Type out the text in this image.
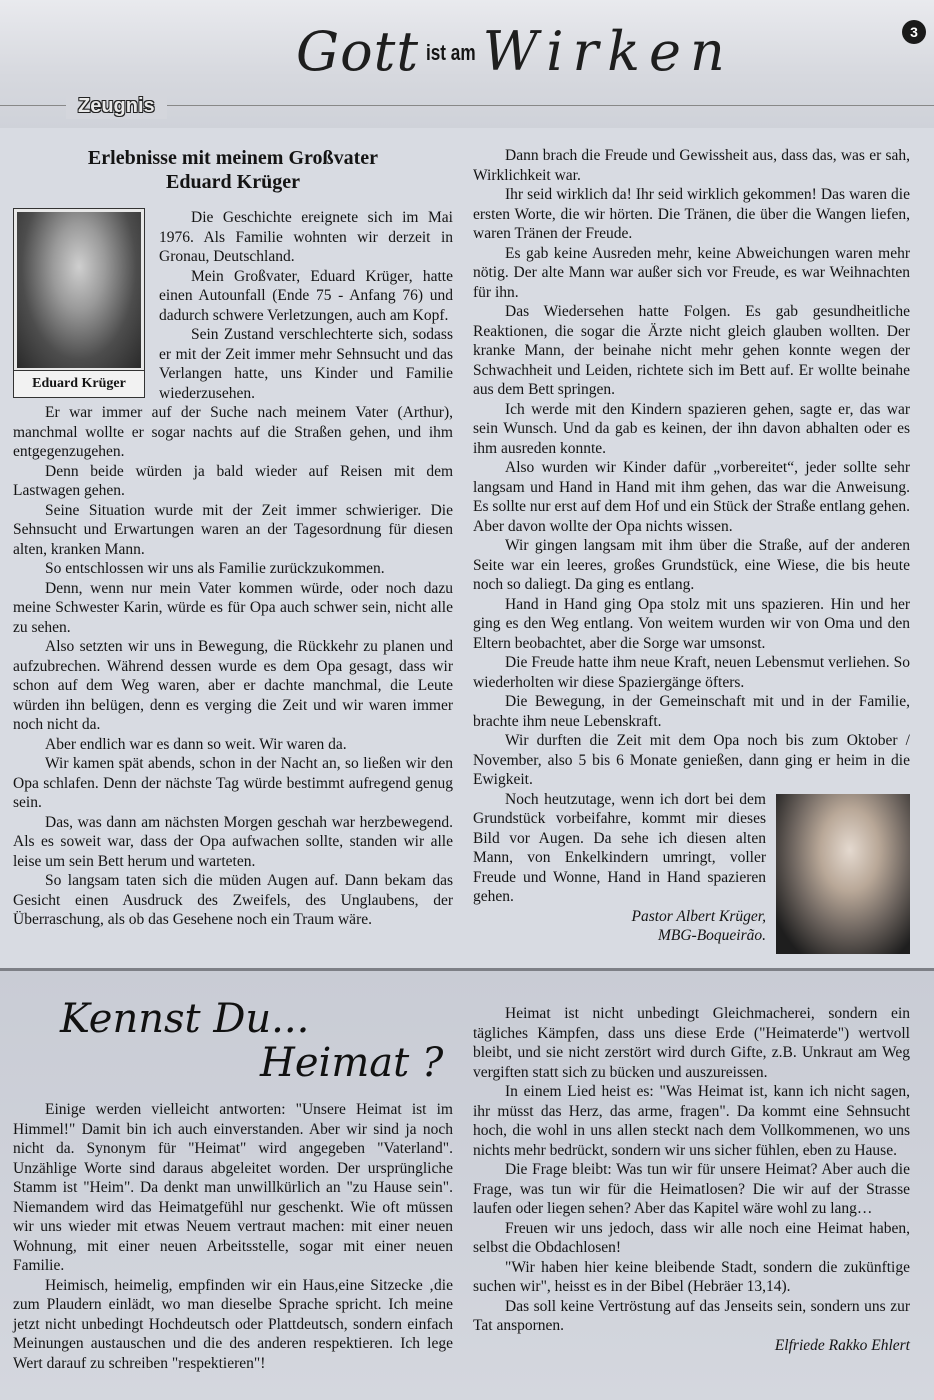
Zeugnis
Gott ist am Wirken	3
Erlebnisse mit meinem Großvater
Eduard Krüger
Eduard Krüger

Die Geschichte ereignete sich im Mai 1976. Als Familie wohnten wir derzeit in Gronau, Deutschland.

Mein Großvater, Eduard Krüger, hatte einen Autounfall (Ende 75 - Anfang 76) und dadurch schwere Verletzungen, auch am Kopf.

Sein Zustand verschlechterte sich, sodass er mit der Zeit immer mehr Sehnsucht und das Verlangen hatte, uns Kinder und Familie wiederzusehen.

Er war immer auf der Suche nach meinem Vater (Arthur), manchmal wollte er sogar nachts auf die Straßen gehen, und ihm entgegenzugehen.

Denn beide würden ja bald wieder auf Reisen mit dem Lastwagen gehen.

Seine Situation wurde mit der Zeit immer schwieriger. Die Sehnsucht und Erwartungen waren an der Tagesordnung für diesen alten, kranken Mann.

So entschlossen wir uns als Familie zurückzukommen.

Denn, wenn nur mein Vater kommen würde, oder noch dazu meine Schwester Karin, würde es für Opa auch schwer sein, nicht alle zu sehen.

Also setzten wir uns in Bewegung, die Rückkehr zu planen und aufzubrechen. Während dessen wurde es dem Opa gesagt, dass wir schon auf dem Weg waren, aber er dachte manchmal, die Leute würden ihn belügen, denn es verging die Zeit und wir waren immer noch nicht da.

Aber endlich war es dann so weit. Wir waren da.

Wir kamen spät abends, schon in der Nacht an, so ließen wir den Opa schlafen. Denn der nächste Tag würde bestimmt aufregend genug sein.

Das, was dann am nächsten Morgen geschah war herzbewegend. Als es soweit war, dass der Opa aufwachen sollte, standen wir alle leise um sein Bett herum und warteten.

So langsam taten sich die müden Augen auf. Dann bekam das Gesicht einen Ausdruck des Zweifels, des Unglaubens, der Überraschung, als ob das Gesehene noch ein Traum wäre.

Dann brach die Freude und Gewissheit aus, dass das, was er sah, Wirklichkeit war.

Ihr seid wirklich da! Ihr seid wirklich gekommen! Das waren die ersten Worte, die wir hörten. Die Tränen, die über die Wangen liefen, waren Tränen der Freude.

Es gab keine Ausreden mehr, keine Abweichungen waren mehr nötig. Der alte Mann war außer sich vor Freude, es war Weihnachten für ihn.

Das Wiedersehen hatte Folgen. Es gab gesundheitliche Reaktionen, die sogar die Ärzte nicht gleich glauben wollten. Der kranke Mann, der beinahe nicht mehr gehen konnte wegen der Schwachheit und Leiden, richtete sich im Bett auf. Er wollte beinahe aus dem Bett springen.

Ich werde mit den Kindern spazieren gehen, sagte er, das war sein Wunsch. Und da gab es keinen, der ihn davon abhalten oder es ihm ausreden konnte.

Also wurden wir Kinder dafür „vorbereitet“, jeder sollte sehr langsam und Hand in Hand mit ihm gehen, das war die Anweisung. Es sollte nur erst auf dem Hof und ein Stück der Straße entlang gehen. Aber davon wollte der Opa nichts wissen.

Wir gingen langsam mit ihm über die Straße, auf der anderen Seite war ein leeres, großes Grundstück, eine Wiese, die bis heute noch so daliegt. Da ging es entlang.

Hand in Hand ging Opa stolz mit uns spazieren. Hin und her ging es den Weg entlang. Von weitem wurden wir von Oma und den Eltern beobachtet, aber die Sorge war umsonst.

Die Freude hatte ihm neue Kraft, neuen Lebensmut verliehen. So wiederholten wir diese Spaziergänge öfters.

Die Bewegung, in der Gemeinschaft mit und in der Familie, brachte ihm neue Lebenskraft.

Wir durften die Zeit mit dem Opa noch bis zum Oktober / November, also 5 bis 6 Monate genießen, dann ging er heim in die Ewigkeit.

Noch heutzutage, wenn ich dort bei dem Grundstück vorbeifahre, kommt mir dieses Bild vor Augen. Da sehe ich diesen alten Mann, von Enkelkindern umringt, voller Freude und Wonne, Hand in Hand spazieren gehen.

Pastor Albert Krüger,

MBG-Boqueirão.

Kennst Du...
Heimat ?

Einige werden vielleicht antworten: "Unsere Heimat ist im Himmel!" Damit bin ich auch einverstanden. Aber wir sind ja noch nicht da. Synonym für "Heimat" wird angegeben "Vaterland". Unzählige Worte sind daraus abgeleitet worden. Der ursprüngliche Stamm ist "Heim". Da denkt man unwillkürlich an "zu Hause sein". Niemandem wird das Heimatgefühl nur geschenkt. Wie oft müssen wir uns wieder mit etwas Neuem vertraut machen: mit einer neuen Wohnung, mit einer neuen Arbeitsstelle, sogar mit einer neuen Familie.

Heimisch, heimelig, empfinden wir ein Haus,eine Sitzecke ‚die zum Plaudern einlädt, wo man dieselbe Sprache spricht. Ich meine jetzt nicht unbedingt Hochdeutsch oder Plattdeutsch, sondern einfach Meinungen austauschen und die des anderen respektieren. Ich lege Wert darauf zu schreiben "respektieren"!

Heimat ist nicht unbedingt Gleichmacherei, sondern ein tägliches Kämpfen, dass uns diese Erde ("Heimaterde") wertvoll bleibt, und sie nicht zerstört wird durch Gifte, z.B. Unkraut am Weg vergiften statt sich zu bücken und auszureissen.

In einem Lied heist es: "Was Heimat ist, kann ich nicht sagen, ihr müsst das Herz, das arme, fragen". Da kommt eine Sehnsucht hoch, die wohl in uns allen steckt nach dem Vollkommenen, wo uns nichts mehr bedrückt, sondern wir uns sicher fühlen, eben zu Hause.

Die Frage bleibt: Was tun wir für unsere Heimat? Aber auch die Frage, was tun wir für die Heimatlosen? Die wir auf der Strasse laufen oder liegen sehen? Aber das Kapitel wäre wohl zu lang…

Freuen wir uns jedoch, dass wir alle noch eine Heimat haben, selbst die Obdachlosen!

"Wir haben hier keine bleibende Stadt, sondern die zukünftige suchen wir", heisst es in der Bibel (Hebräer 13,14).

Das soll keine Vertröstung auf das Jenseits sein, sondern uns zur Tat anspornen.

Elfriede Rakko Ehlert
